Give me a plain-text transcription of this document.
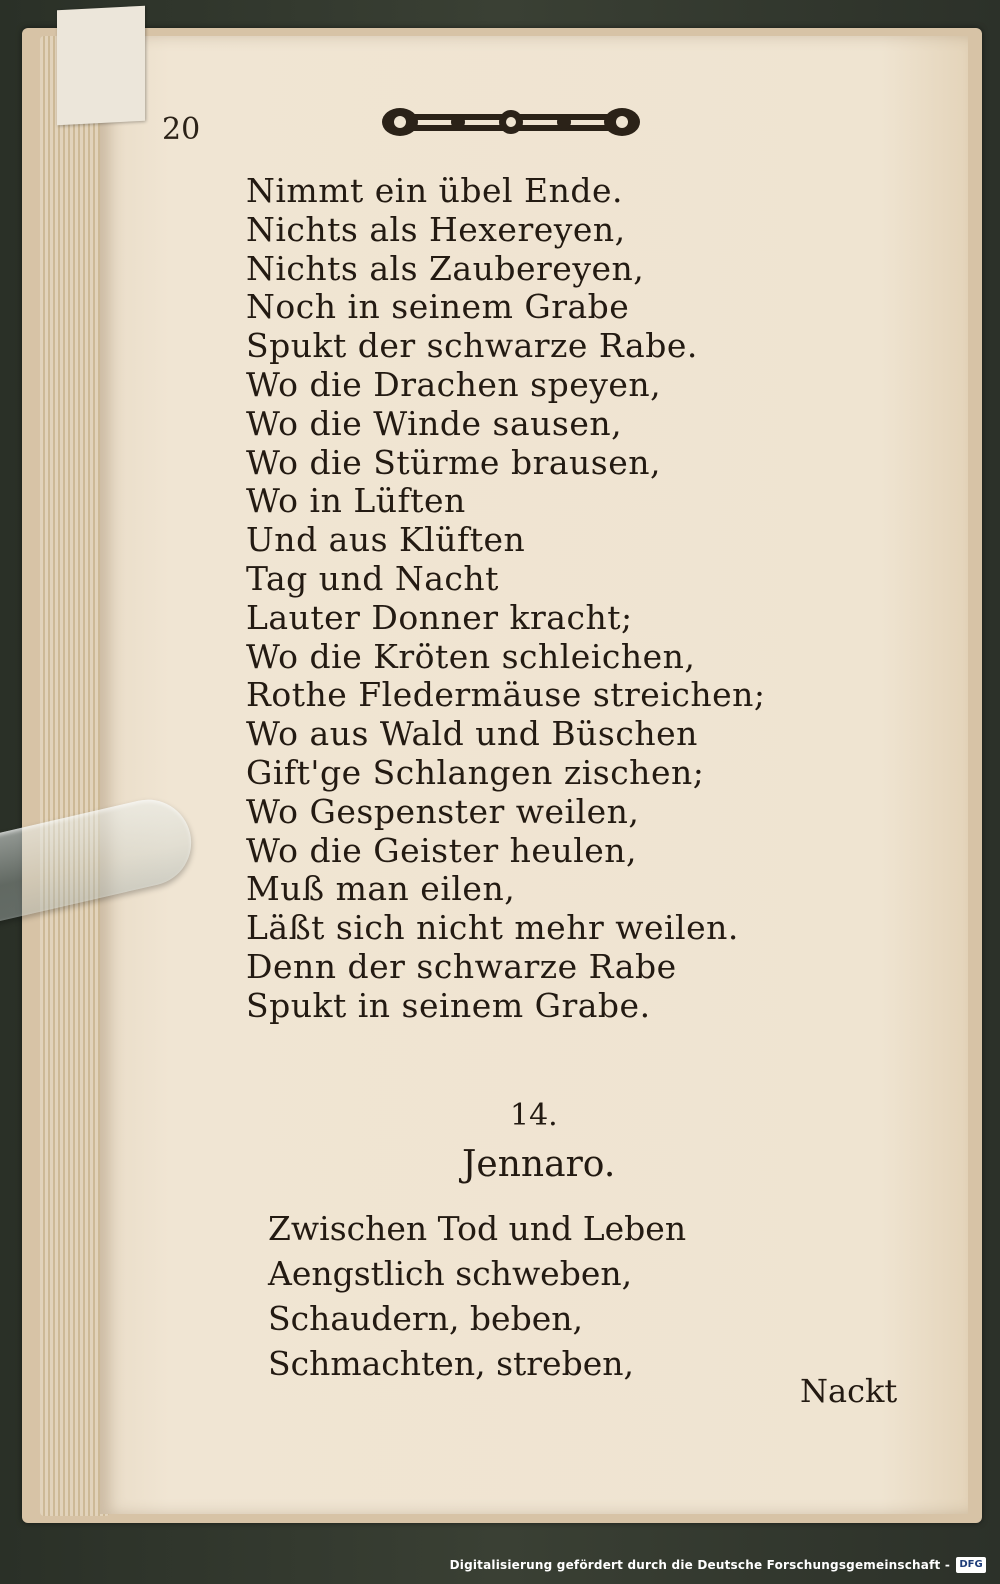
20
Nimmt ein übel Ende.
Nichts als Hexereyen,
Nichts als Zaubereyen,
Noch in seinem Grabe
Spukt der schwarze Rabe.
Wo die Drachen speyen,
Wo die Winde sausen,
Wo die Stürme brausen,
Wo in Lüften
Und aus Klüften
Tag und Nacht
Lauter Donner kracht;
Wo die Kröten schleichen,
Rothe Fledermäuse streichen;
Wo aus Wald und Büschen
Gift'ge Schlangen zischen;
Wo Gespenster weilen,
Wo die Geister heulen,
Muß man eilen,
Läßt sich nicht mehr weilen.
Denn der schwarze Rabe
Spukt in seinem Grabe.
14.
Jennaro.
Zwischen Tod und Leben
Aengstlich schweben,
Schaudern, beben,
Schmachten, streben,
Nackt
Digitalisierung gefördert durch die Deutsche Forschungsgemeinschaft - DFG
